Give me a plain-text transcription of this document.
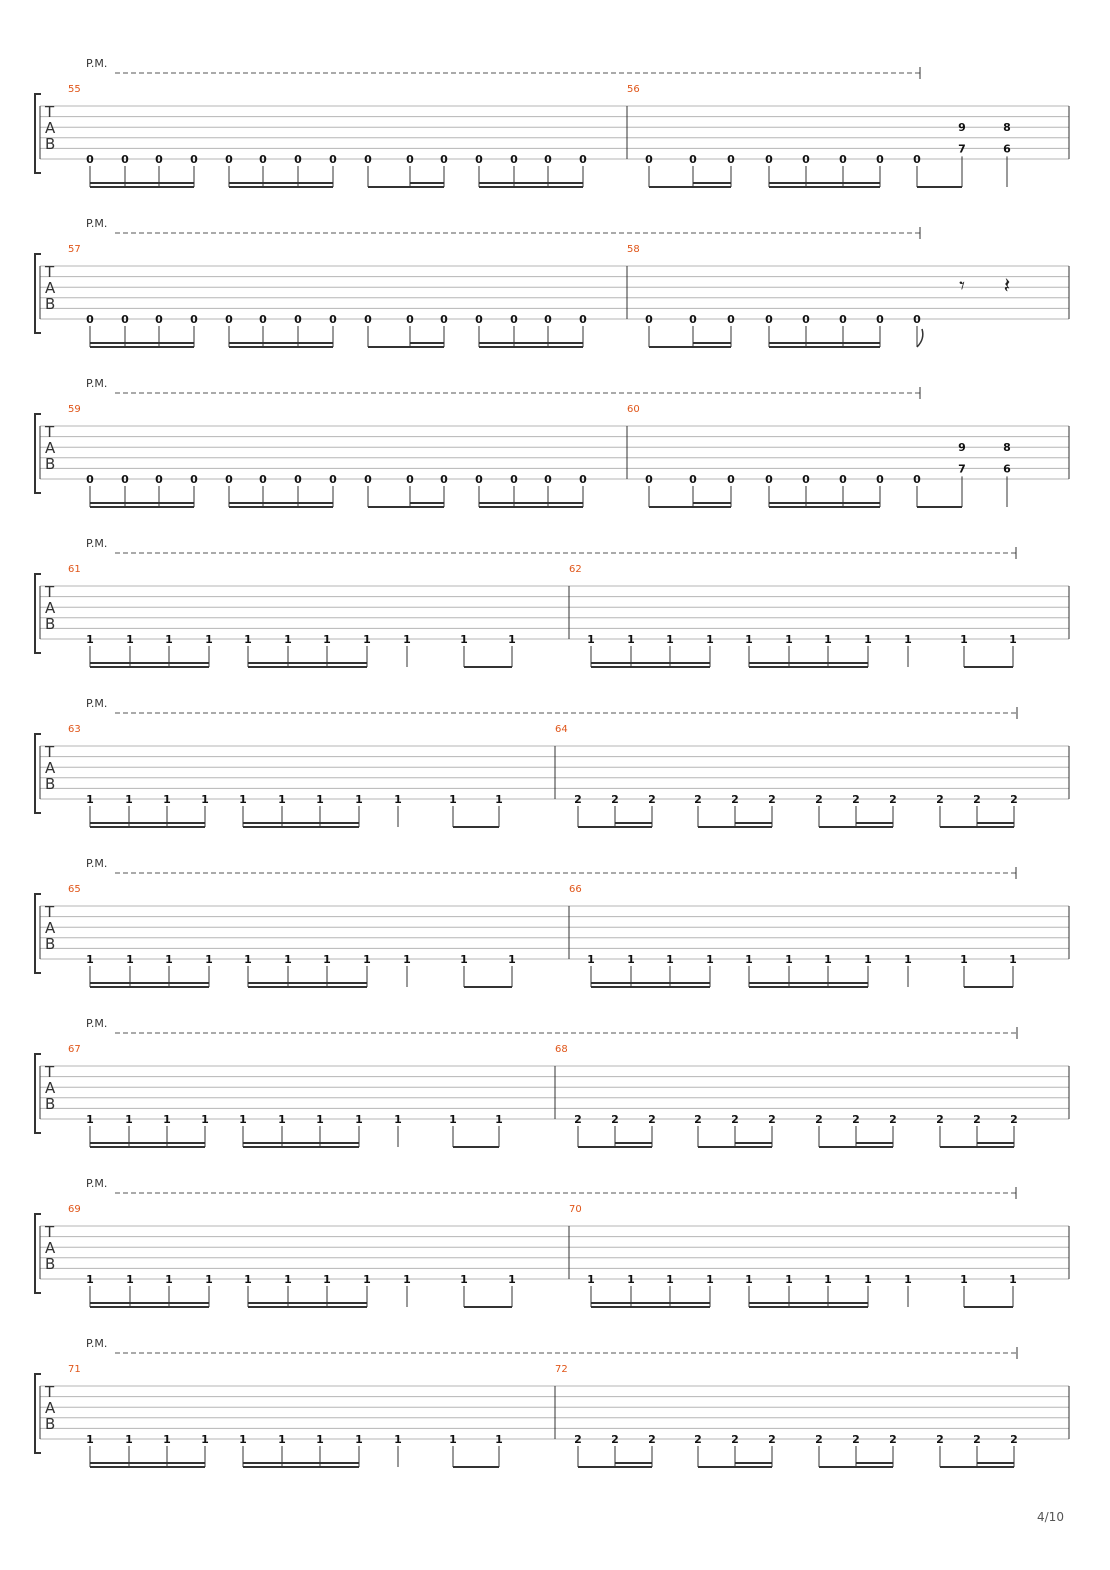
P.M.
T
A
B
55
0 0 0 0 0 0 0 0 0	0 0 0 0 0 0
56
0	0	0	0	0	0	0	0
9
7
8
6
P.M.
T
A
B
57
0 0 0 0 0 0 0 0 0	0 0 0 0 0 0
58
0	0	0	0	0	0	0	0
𝄾 𝄽
P.M.
T
A
B
59
0 0 0 0 0 0 0 0 0	0 0 0 0 0 0
60
0	0	0	0	0	0	0	0
9
7
8
6
P.M.
T
A
B
61
1	1	1	1	1	1	1	1	1	1	1
62
1	1	1	1	1	1	1	1	1	1	1
P.M.
T
A
B
63
1	1	1	1	1	1	1	1	1	1	1
64
2	2	2	2	2	2	2	2	2	2	2	2
P.M.
T
A
B
65
1	1	1	1	1	1	1	1	1	1	1
66
1	1	1	1	1	1	1	1	1	1	1
P.M.
T
A
B
67
1	1	1	1	1	1	1	1	1	1	1
68
2	2	2	2	2	2	2	2	2	2	2	2
P.M.
T
A
B
69
1	1	1	1	1	1	1	1	1	1	1
70
1	1	1	1	1	1	1	1	1	1	1
P.M.
T
A
B
71
1	1	1	1	1	1	1	1	1	1	1
72
2	2	2	2	2	2	2	2	2	2	2	2
4/10
